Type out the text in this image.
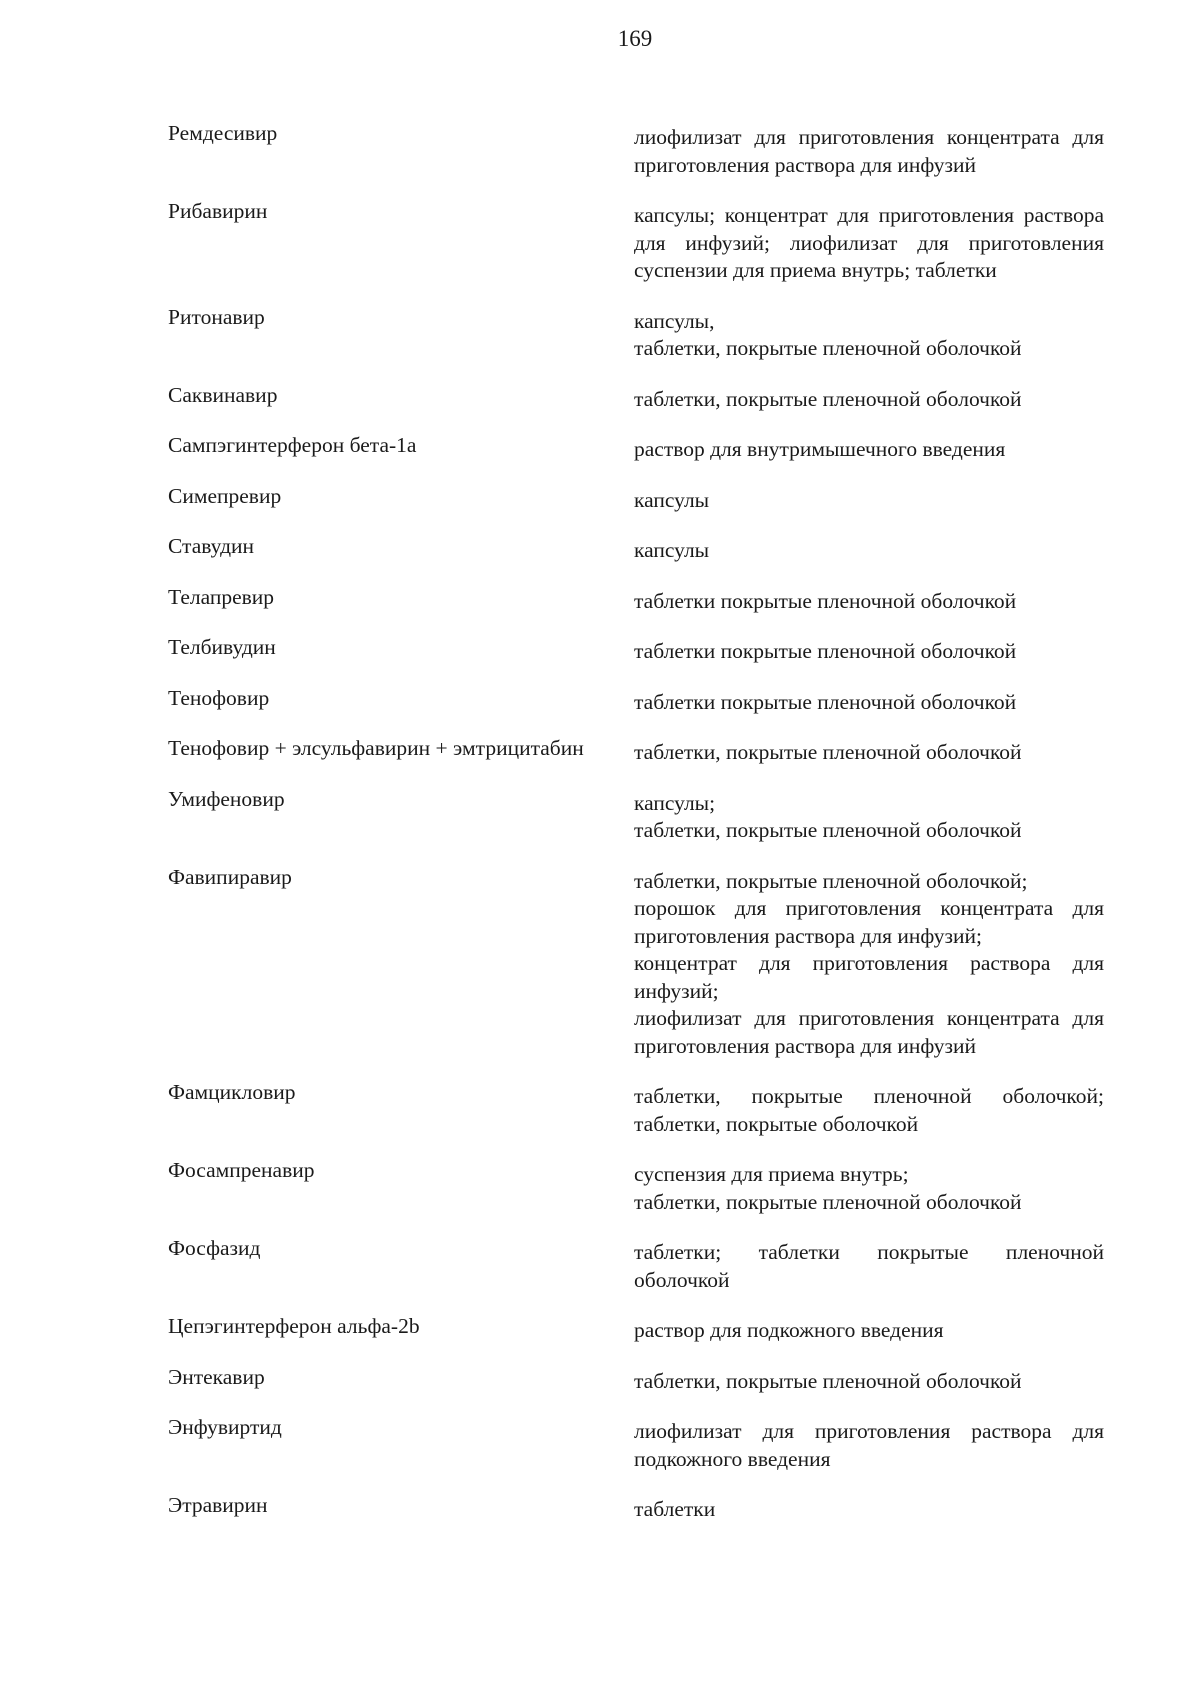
169
Ремдесивир	лиофилизат для приготовления концентрата для приготовления раствора для инфузий
Рибавирин	капсулы; концентрат для приготовления раствора для инфузий; лиофилизат для приготовления суспензии для приема внутрь; таблетки
Ритонавир	капсулы,
таблетки, покрытые пленочной оболочкой
Саквинавир	таблетки, покрытые пленочной оболочкой
Сампэгинтерферон бета-1а	раствор для внутримышечного введения
Симепревир	капсулы
Ставудин	капсулы
Телапревир	таблетки покрытые пленочной оболочкой
Телбивудин	таблетки покрытые пленочной оболочкой
Тенофовир	таблетки покрытые пленочной оболочкой
Тенофовир + элсульфавирин + эмтрицитабин	таблетки, покрытые пленочной оболочкой
Умифеновир	капсулы;
таблетки, покрытые пленочной оболочкой
Фавипиравир	таблетки, покрытые пленочной оболочкой;
порошок для приготовления концентрата для приготовления раствора для инфузий;
концентрат для приготовления раствора для инфузий;
лиофилизат для приготовления концентрата для приготовления раствора для инфузий
Фамцикловир	таблетки, покрытые пленочной оболочкой; таблетки, покрытые оболочкой
Фосампренавир	суспензия для приема внутрь;
таблетки, покрытые пленочной оболочкой
Фосфазид	таблетки; таблетки покрытые пленочной оболочкой
Цепэгинтерферон альфа-2b	раствор для подкожного введения
Энтекавир	таблетки, покрытые пленочной оболочкой
Энфувиртид	лиофилизат для приготовления раствора для подкожного введения
Этравирин	таблетки
